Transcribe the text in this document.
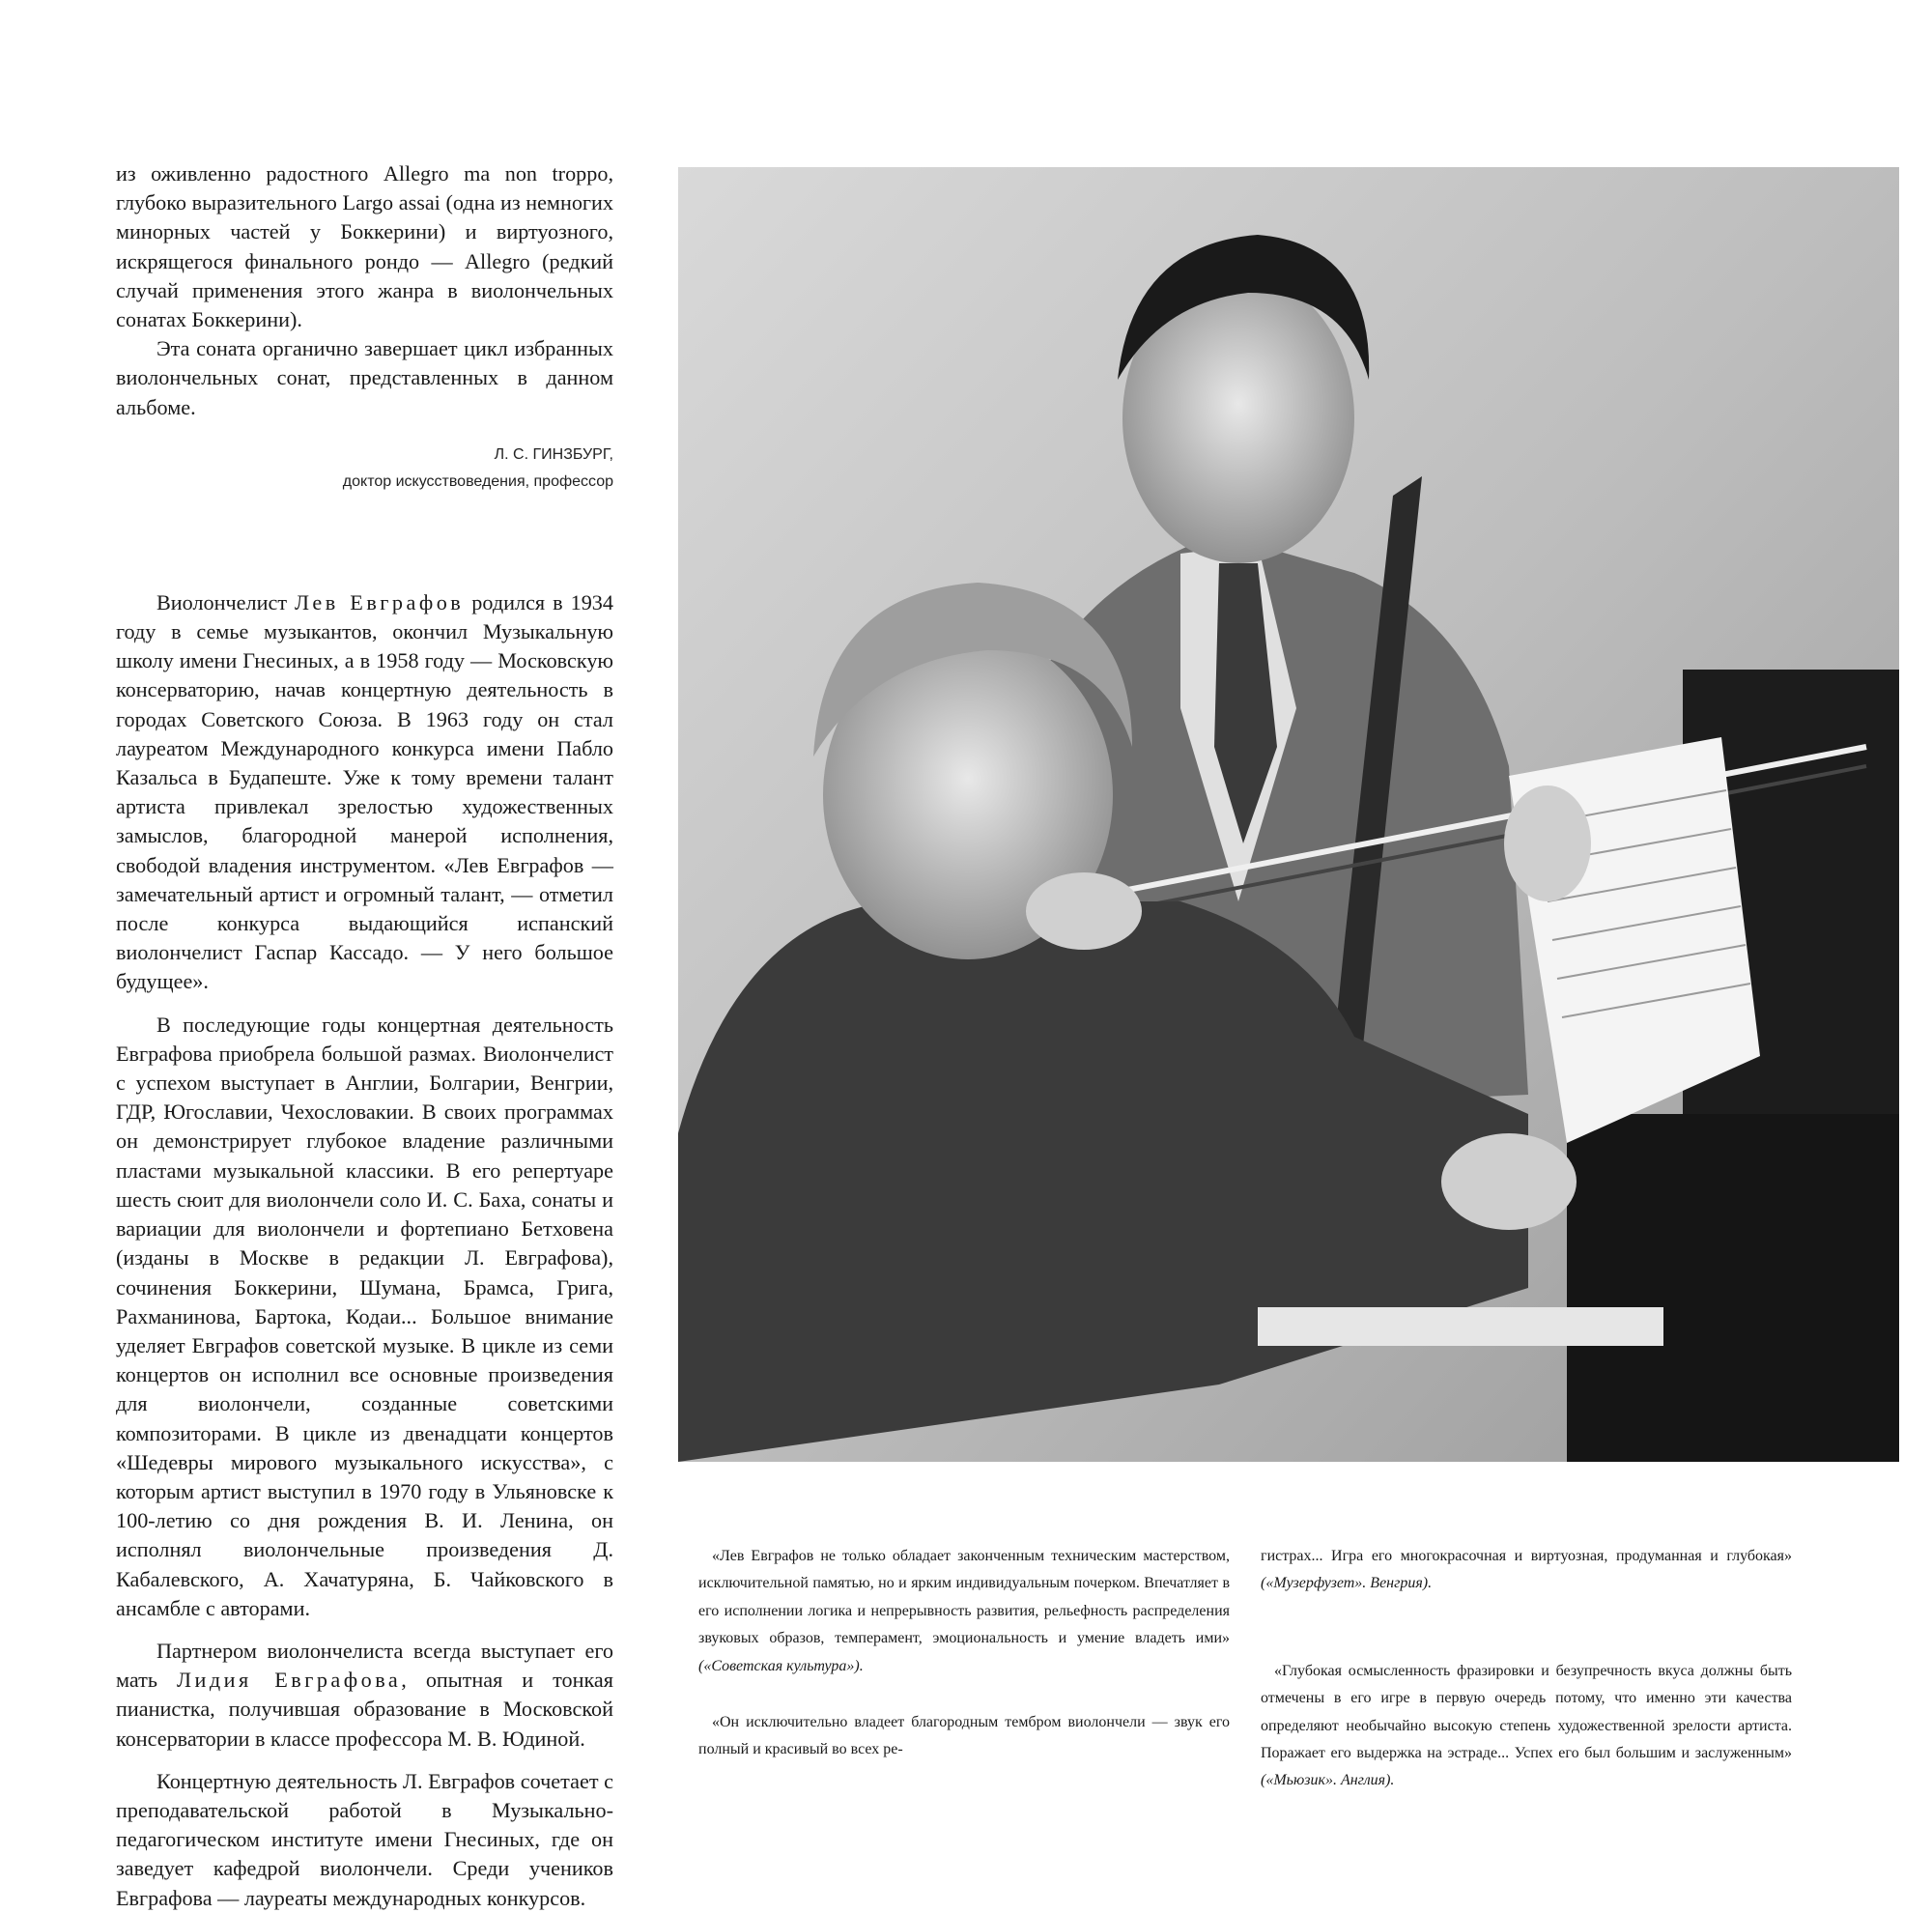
из оживленно радостного Allegro ma non troppo, глубоко выразительного Largo assai (одна из немногих минорных частей у Боккерини) и виртуозного, искрящегося финального рондо — Allegro (редкий случай применения этого жанра в виолончельных сонатах Боккерини).

Эта соната органично завершает цикл избранных виолончельных сонат, представленных в данном альбоме.

Л. С. ГИНЗБУРГ,
доктор искусствоведения, профессор

Виолончелист Лев Евграфов родился в 1934 году в семье музыкантов, окончил Музыкальную школу имени Гнесиных, а в 1958 году — Московскую консерваторию, начав концертную деятельность в городах Советского Союза. В 1963 году он стал лауреатом Международного конкурса имени Пабло Казальса в Будапеште. Уже к тому времени талант артиста привлекал зрелостью художественных замыслов, благородной манерой исполнения, свободой владения инструментом. «Лев Евграфов — замечательный артист и огромный талант, — отметил после конкурса выдающийся испанский виолончелист Гаспар Кассадо. — У него большое будущее».

В последующие годы концертная деятельность Евграфова приобрела большой размах. Виолончелист с успехом выступает в Англии, Болгарии, Венгрии, ГДР, Югославии, Чехословакии. В своих программах он демонстрирует глубокое владение различными пластами музыкальной классики. В его репертуаре шесть сюит для виолончели соло И. С. Баха, сонаты и вариации для виолончели и фортепиано Бетховена (изданы в Москве в редакции Л. Евграфова), сочинения Боккерини, Шумана, Брамса, Грига, Рахманинова, Бартока, Кодаи... Большое внимание уделяет Евграфов советской музыке. В цикле из семи концертов он исполнил все основные произведения для виолончели, созданные советскими композиторами. В цикле из двенадцати концертов «Шедевры мирового музыкального искусства», с которым артист выступил в 1970 году в Ульяновске к 100-летию со дня рождения В. И. Ленина, он исполнял виолончельные произведения Д. Кабалевского, А. Хачатуряна, Б. Чайковского в ансамбле с авторами.

Партнером виолончелиста всегда выступает его мать Лидия Евграфова, опытная и тонкая пианистка, получившая образование в Московской консерватории в классе профессора М. В. Юдиной.

Концертную деятельность Л. Евграфов сочетает с преподавательской работой в Музыкально-педагогическом институте имени Гнесиных, где он заведует кафедрой виолончели. Среди учеников Евграфова — лауреаты международных конкурсов.

«Лев Евграфов не только обладает законченным техническим мастерством, исключительной памятью, но и ярким индивидуальным почерком. Впечатляет в его исполнении логика и непрерывность развития, рельефность распределения звуковых образов, темперамент, эмоциональность и умение владеть ими» («Советская культура»).

«Он исключительно владеет благородным тембром виолончели — звук его полный и красивый во всех ре-

гистрах... Игра его многокрасочная и виртуозная, продуманная и глубокая» («Музерфузет». Венгрия).

«Глубокая осмысленность фразировки и безупречность вкуса должны быть отмечены в его игре в первую очередь потому, что именно эти качества определяют необычайно высокую степень художественной зрелости артиста. Поражает его выдержка на эстраде... Успех его был большим и заслуженным» («Мьюзик». Англия).
